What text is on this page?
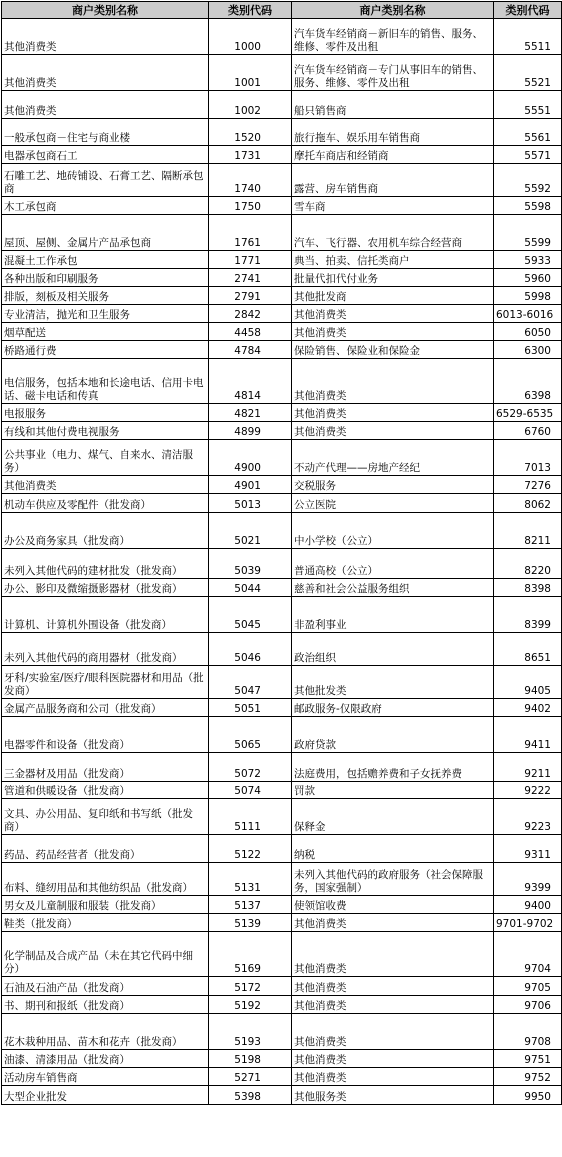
商户类别名称	类别代码	商户类别名称	类别代码
其他消费类	1000	汽车货车经销商－新旧车的销售、服务、维修、零件及出租	5511
其他消费类	1001	汽车货车经销商－专门从事旧车的销售、服务、维修、零件及出租	5521
其他消费类	1002	船只销售商	5551
一般承包商－住宅与商业楼	1520	旅行拖车、娱乐用车销售商	5561
电器承包商石工	1731	摩托车商店和经销商	5571
石雕工艺、地砖铺设、石膏工艺、隔断承包商	1740	露营、房车销售商	5592
木工承包商	1750	雪车商	5598
屋顶、屋侧、金属片产品承包商	1761	汽车、飞行器、农用机车综合经营商	5599
混凝土工作承包	1771	典当、拍卖、信托类商户	5933
各种出版和印刷服务	2741	批量代扣代付业务	5960
排版，刻板及相关服务	2791	其他批发商	5998
专业清洁，抛光和卫生服务	2842	其他消费类	6013-6016
烟草配送	4458	其他消费类	6050
桥路通行费	4784	保险销售、保险业和保险金	6300
电信服务，包括本地和长途电话、信用卡电话、磁卡电话和传真	4814	其他消费类	6398
电报服务	4821	其他消费类	6529-6535
有线和其他付费电视服务	4899	其他消费类	6760
公共事业（电力、煤气、自来水、清洁服务）	4900	不动产代理——房地产经纪	7013
其他消费类	4901	交税服务	7276
机动车供应及零配件（批发商）	5013	公立医院	8062
办公及商务家具（批发商）	5021	中小学校（公立）	8211
未列入其他代码的建材批发（批发商）	5039	普通高校（公立）	8220
办公、影印及微缩摄影器材（批发商）	5044	慈善和社会公益服务组织	8398
计算机、计算机外围设备（批发商）	5045	非盈利事业	8399
未列入其他代码的商用器材（批发商）	5046	政治组织	8651
牙科/实验室/医疗/眼科医院器材和用品（批发商）	5047	其他批发类	9405
金属产品服务商和公司（批发商）	5051	邮政服务-仅限政府	9402
电器零件和设备（批发商）	5065	政府贷款	9411
三金器材及用品（批发商）	5072	法庭费用，包括赡养费和子女抚养费	9211
管道和供暖设备（批发商）	5074	罚款	9222
文具、办公用品、复印纸和书写纸（批发商）	5111	保释金	9223
药品、药品经营者（批发商）	5122	纳税	9311
布料、缝纫用品和其他纺织品（批发商）	5131	未列入其他代码的政府服务（社会保障服务，国家强制）	9399
男女及儿童制服和服装（批发商）	5137	使领馆收费	9400
鞋类（批发商）	5139	其他消费类	9701-9702
化学制品及合成产品（未在其它代码中细分）	5169	其他消费类	9704
石油及石油产品（批发商）	5172	其他消费类	9705
书、期刊和报纸（批发商）	5192	其他消费类	9706
花木栽种用品、苗木和花卉（批发商）	5193	其他消费类	9708
油漆、清漆用品（批发商）	5198	其他消费类	9751
活动房车销售商	5271	其他消费类	9752
大型企业批发	5398	其他服务类	9950
